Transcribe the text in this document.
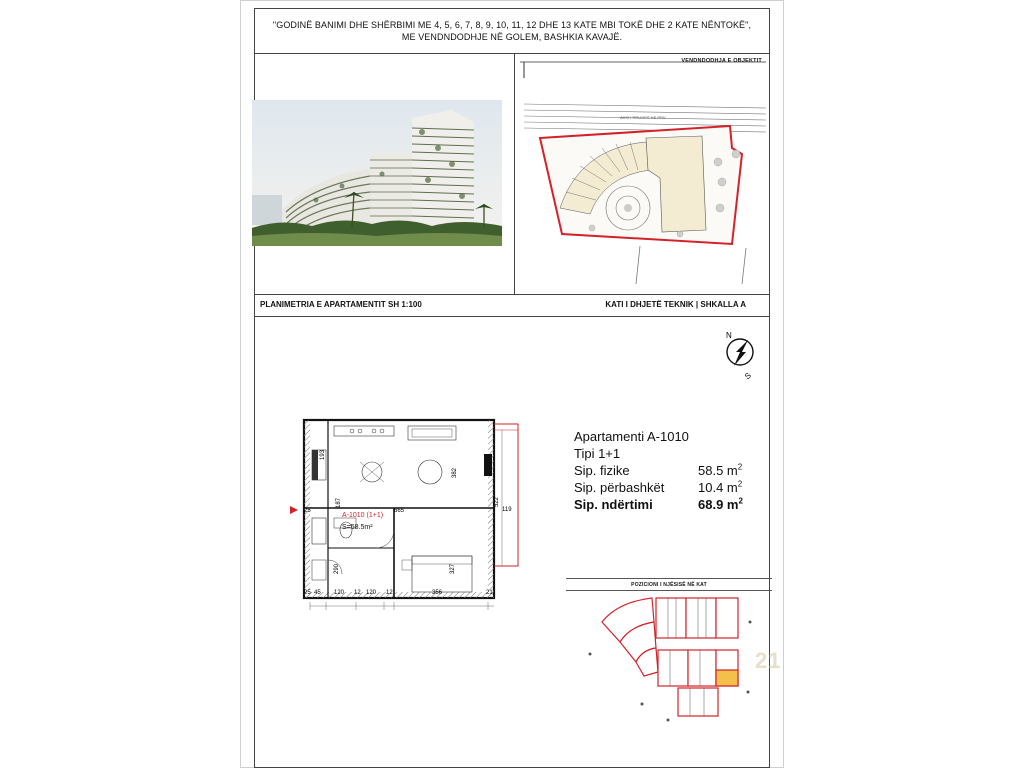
"GODINË BANIMI DHE SHËRBIMI ME 4, 5, 6, 7, 8, 9, 10, 11, 12 DHE 13 KATE MBI TOKË DHE 2 KATE NËNTOKË",
ME VENDNDODHJE NË GOLEM, BASHKIA KAVAJË.
AKSI I RRUGES NE PRV
VENDNDODHJA E OBJEKTIT
PLANIMETRIA E APARTAMENTIT SH 1:100	KATI I DHJETË TEKNIK | SHKALLA A
N
S
A-1010 (1+1)
S=58.5m²
665
522
119
193
382
187
327
290
25
25 45 120 12 120 12	356	21
Apartamenti A-1010
Tipi 1+1
Sip. fizike	58.5 $m^2$
Sip. përbashkët	10.4 $m^2$
Sip. ndërtimi	68.9 $m^2$
POZICIONI I NJËSISË NË KAT
21
